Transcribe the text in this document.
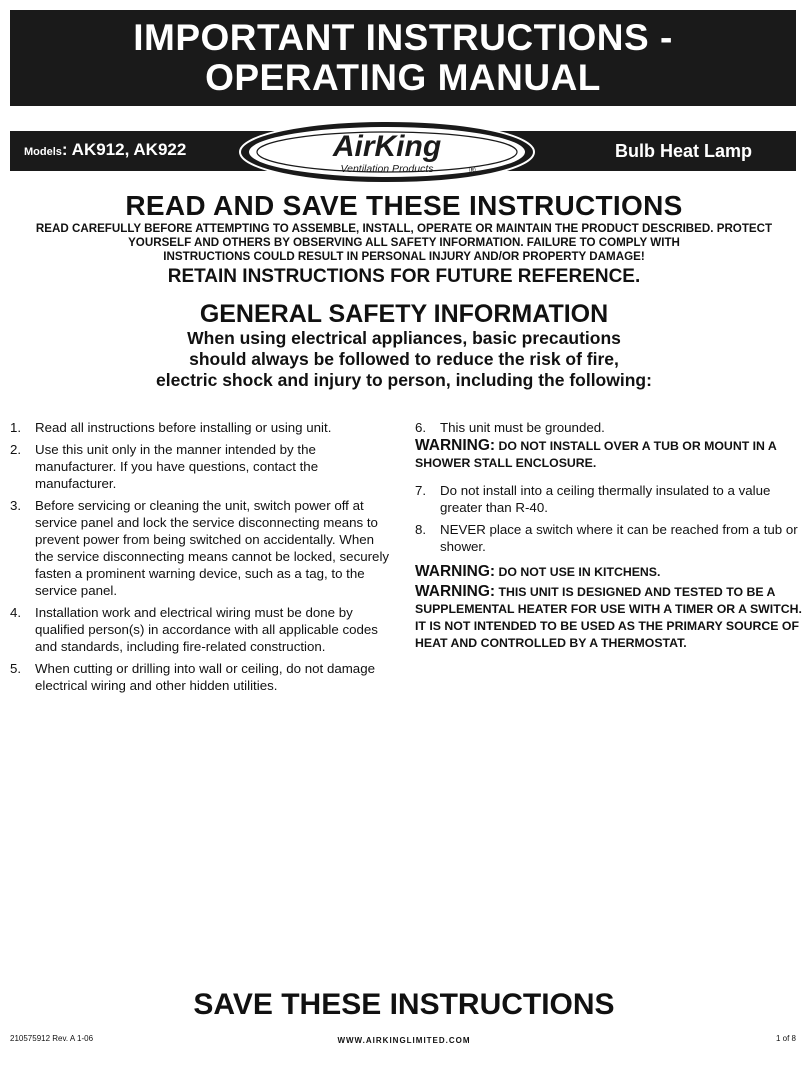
IMPORTANT INSTRUCTIONS -
OPERATING MANUAL
Models: AK912, AK922	Bulb Heat Lamp
AirKing
Ventilation Products	®
READ AND SAVE THESE INSTRUCTIONS
READ CAREFULLY BEFORE ATTEMPTING TO ASSEMBLE, INSTALL, OPERATE OR MAINTAIN THE PRODUCT DESCRIBED. PROTECT
YOURSELF AND OTHERS BY OBSERVING ALL SAFETY INFORMATION. FAILURE TO COMPLY WITH
INSTRUCTIONS COULD RESULT IN PERSONAL INJURY AND/OR PROPERTY DAMAGE!
RETAIN INSTRUCTIONS FOR FUTURE REFERENCE.
GENERAL SAFETY INFORMATION
When using electrical appliances, basic precautions
should always be followed to reduce the risk of fire,
electric shock and injury to person, including the following:
1. Read all instructions before installing or using unit.
2. Use this unit only in the manner intended by the manufacturer. If you have questions, contact the manufacturer.
3. Before servicing or cleaning the unit, switch power off at service panel and lock the service disconnecting means to prevent power from being switched on accidentally. When the service disconnecting means cannot be locked, securely fasten a prominent warning device, such as a tag, to the service panel.
4. Installation work and electrical wiring must be done by qualified person(s) in accordance with all applicable codes and standards, including fire-related construction.
5. When cutting or drilling into wall or ceiling, do not damage electrical wiring and other hidden utilities.
6. This unit must be grounded.
WARNING: DO NOT INSTALL OVER A TUB OR MOUNT IN A SHOWER STALL ENCLOSURE.
7. Do not install into a ceiling thermally insulated to a value greater than R-40.
8. NEVER place a switch where it can be reached from a tub or shower.
WARNING: DO NOT USE IN KITCHENS.
WARNING: THIS UNIT IS DESIGNED AND TESTED TO BE A SUPPLEMENTAL HEATER FOR USE WITH A TIMER OR A SWITCH. IT IS NOT INTENDED TO BE USED AS THE PRIMARY SOURCE OF HEAT AND CONTROLLED BY A THERMOSTAT.
SAVE THESE INSTRUCTIONS
210575912 Rev. A 1-06	WWW.AIRKINGLIMITED.COM	1 of 8
